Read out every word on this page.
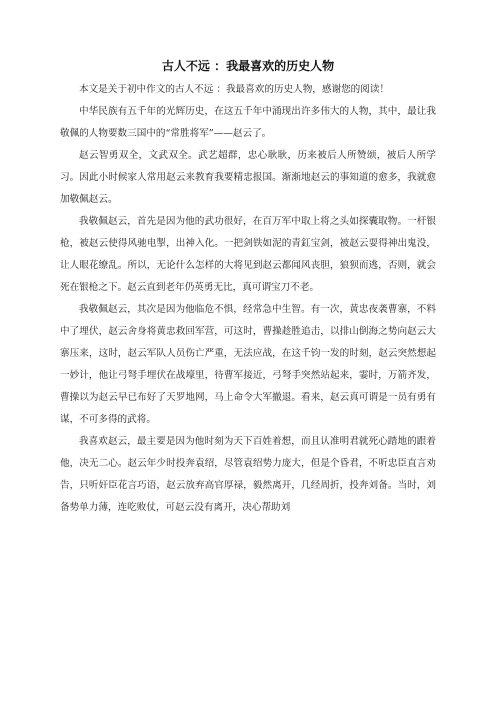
古人不远 ：我最喜欢的历史人物

本文是关于初中作文的古人不远 ：我最喜欢的历史人物，感谢您的阅读！

中华民族有五千年的光辉历史，在这五千年中涌现出许多伟大的人物，其中，最让我敬佩的人物要数三国中的“常胜将军”——赵云了。

赵云智勇双全，文武双全。武艺超群，忠心耿耿，历来被后人所赞颂，被后人所学习。因此小时候家人常用赵云来教育我要精忠报国。渐渐地赵云的事知道的愈多，我就愈加敬佩赵云。

我敬佩赵云，首先是因为他的武功很好，在百万军中取上将之头如探囊取物。一杆银枪，被赵云使得风驰电掣，出神入化。一把剑铁如泥的青釭宝剑，被赵云耍得神出鬼没，让人眼花缭乱。所以，无论什么怎样的大将见到赵云都闻风丧胆，狼狈而逃，否则，就会死在银枪之下。赵云直到老年仍英勇无比，真可谓宝刀不老。

我敬佩赵云，其次是因为他临危不惧，经常急中生智。有一次，黄忠夜袭曹寨，不料中了埋伏，赵云舍身将黄忠救回军营，可这时，曹操趁胜追击，以排山倒海之势向赵云大寨压来，这时，赵云军队人员伤亡严重，无法应战，在这千钧一发的时刻，赵云突然想起一妙计，他让弓弩手埋伏在战壕里，待曹军接近，弓弩手突然站起来，霎时，万箭齐发，曹操以为赵云早已布好了天罗地网，马上命令大军撤退。看来，赵云真可谓是一员有勇有谋，不可多得的武将。

我喜欢赵云，最主要是因为他时刻为天下百姓着想，而且认准明君就死心踏地的跟着他，决无二心。赵云年少时投奔袁绍，尽管袁绍势力庞大，但是个昏君，不听忠臣直言劝告，只听奸臣花言巧语，赵云放弃高官厚禄，毅然离开，几经周折，投奔刘备。当时，刘备势单力薄，连吃败仗，可赵云没有离开，决心帮助刘
